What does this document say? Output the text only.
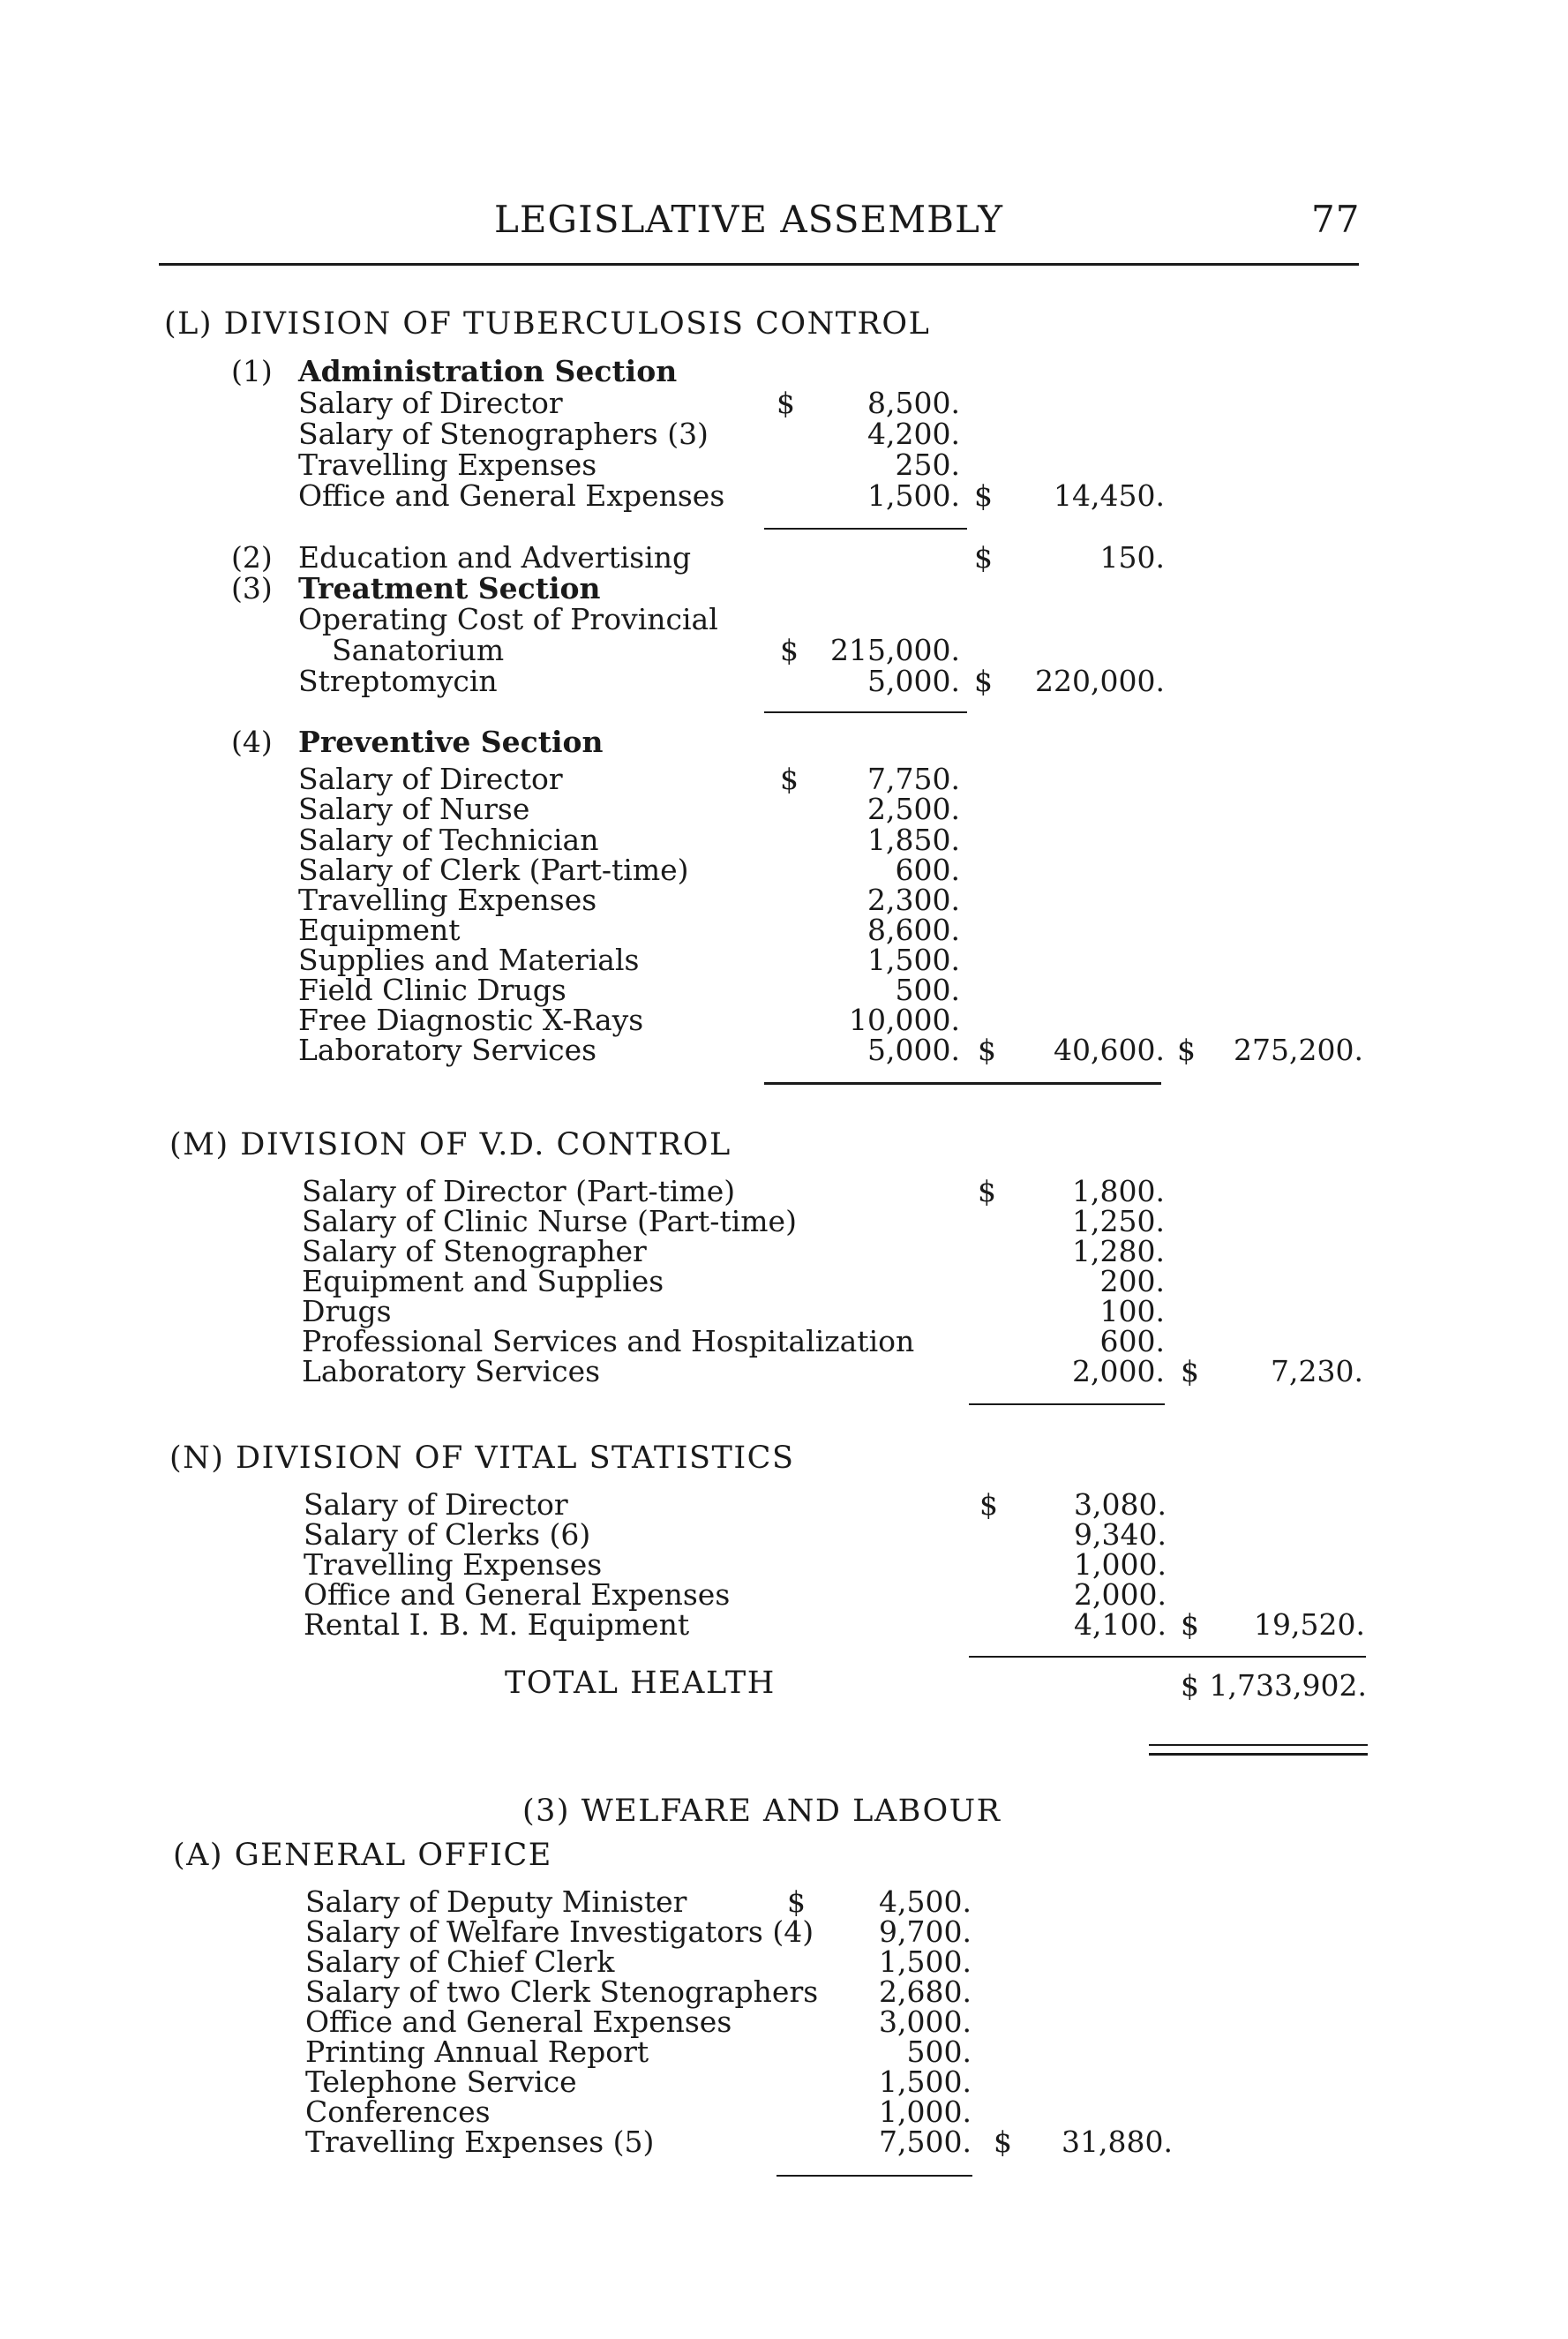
LEGISLATIVE ASSEMBLY	77
(L) DIVISION OF TUBERCULOSIS CONTROL
(1) Administration Section
Salary of Director	$ 8,500.
Salary of Stenographers (3)	4,200.
Travelling Expenses	250.
Office and General Expenses	1,500. $ 14,450.
(2) Education and Advertising	$	150.
(3) Treatment Section
Operating Cost of Provincial
Sanatorium	$ 215,000.
Streptomycin	5,000. $ 220,000.
(4) Preventive Section
Salary of Director	$ 7,750.
Salary of Nurse	2,500.
Salary of Technician	1,850.
Salary of Clerk (Part-time)	600.
Travelling Expenses	2,300.
Equipment	8,600.
Supplies and Materials	1,500.
Field Clinic Drugs	500.
Free Diagnostic X-Rays	10,000.
Laboratory Services	5,000. $ 40,600. $ 275,200.
(M) DIVISION OF V.D. CONTROL
Salary of Director (Part-time)	$	1,800.
Salary of Clinic Nurse (Part-time)	1,250.
Salary of Stenographer	1,280.
Equipment and Supplies	200.
Drugs	100.
Professional Services and Hospitalization	600.
Laboratory Services	2,000. $ 7,230.
(N) DIVISION OF VITAL STATISTICS
Salary of Director	$	3,080.
Salary of Clerks (6)	9,340.
Travelling Expenses	1,000.
Office and General Expenses	2,000.
Rental I. B. M. Equipment	4,100. $ 19,520.
TOTAL HEALTH	$ 1,733,902.
(3) WELFARE AND LABOUR
(A) GENERAL OFFICE
Salary of Deputy Minister	$	4,500.
Salary of Welfare Investigators (4) 9,700.
Salary of Chief Clerk	1,500.
Salary of two Clerk Stenographers 2,680.
Office and General Expenses	3,000.
Printing Annual Report	500.
Telephone Service	1,500.
Conferences	1,000.
Travelling Expenses (5)	7,500. $ 31,880.
